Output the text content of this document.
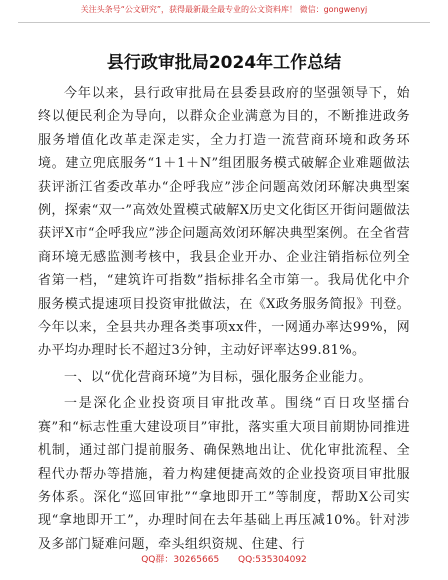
关注头条号“公文研究”，获得最新最全最专业的公文资料库！ 微信：gongwenyj
县行政审批局2024年工作总结

今年以来，县行政审批局在县委县政府的坚强领导下，始终以便民利企为导向，以群众企业满意为目的，不断推进政务服务增值化改革走深走实，全力打造一流营商环境和政务环境。建立兜底服务“1＋1＋N”组团服务模式破解企业难题做法获评浙江省委改革办“企呼我应”涉企问题高效闭环解决典型案例，探索“双一”高效处置模式破解X历史文化街区开街问题做法获评X市“企呼我应”涉企问题高效闭环解决典型案例。在全省营商环境无感监测考核中，我县企业开办、企业注销指标位列全省第一档，“建筑许可指数”指标排名全市第一。我局优化中介服务模式提速项目投资审批做法，在《X政务服务简报》刊登。今年以来，全县共办理各类事项xx件，一网通办率达99%，网办平均办理时长不超过3分钟，主动好评率达99.81%。

一、以“优化营商环境”为目标，强化服务企业能力。

一是深化企业投资项目审批改革。围绕“百日攻坚擂台赛”和“标志性重大建设项目”审批，落实重大项目前期协同推进机制，通过部门提前服务、确保熟地出让、优化审批流程、全程代办帮办等措施，着力构建便捷高效的企业投资项目审批服务体系。深化“巡回审批”“拿地即开工”等制度，帮助X公司实现“拿地即开工”，办理时间在去年基础上再压减10%。针对涉及多部门疑难问题，牵头组织资规、住建、行

QQ群：30265665 QQ:535304092
